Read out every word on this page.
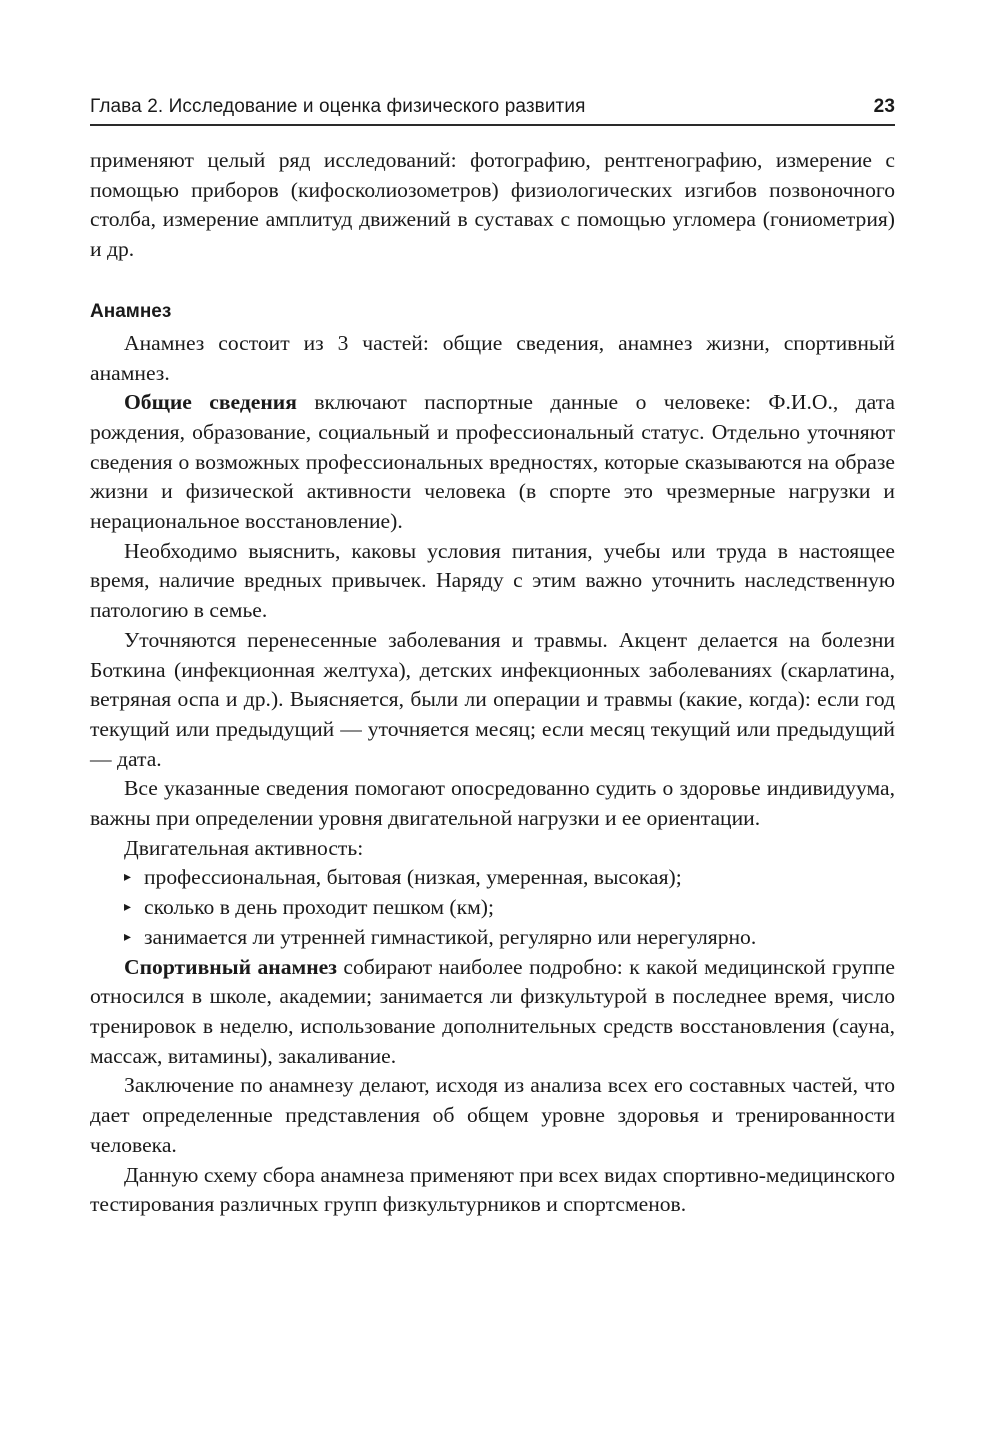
Глава 2. Исследование и оценка физического развития	23

применяют целый ряд исследований: фотографию, рентгенографию, измерение с помощью приборов (кифосколиозометров) физиологических изгибов позвоночного столба, измерение амплитуд движений в суставах с помощью угломера (гониометрия) и др.

Анамнез

Анамнез состоит из 3 частей: общие сведения, анамнез жизни, спортивный анамнез.

Общие сведения включают паспортные данные о человеке: Ф.И.О., дата рождения, образование, социальный и профессиональный статус. Отдельно уточняют сведения о возможных профессиональных вредностях, которые сказываются на образе жизни и физической активности человека (в спорте это чрезмерные нагрузки и нерациональное восстановление).

Необходимо выяснить, каковы условия питания, учебы или труда в настоящее время, наличие вредных привычек. Наряду с этим важно уточнить наследственную патологию в семье.

Уточняются перенесенные заболевания и травмы. Акцент делается на болезни Боткина (инфекционная желтуха), детских инфекционных заболеваниях (скарлатина, ветряная оспа и др.). Выясняется, были ли операции и травмы (какие, когда): если год текущий или предыдущий — уточняется месяц; если месяц текущий или предыдущий — дата.

Все указанные сведения помогают опосредованно судить о здоровье индивидуума, важны при определении уровня двигательной нагрузки и ее ориентации.

Двигательная активность:

▸ профессиональная, бытовая (низкая, умеренная, высокая);
▸ сколько в день проходит пешком (км);
▸ занимается ли утренней гимнастикой, регулярно или нерегулярно.

Спортивный анамнез собирают наиболее подробно: к какой медицинской группе относился в школе, академии; занимается ли физкультурой в последнее время, число тренировок в неделю, использование дополнительных средств восстановления (сауна, массаж, витамины), закаливание.

Заключение по анамнезу делают, исходя из анализа всех его составных частей, что дает определенные представления об общем уровне здоровья и тренированности человека.

Данную схему сбора анамнеза применяют при всех видах спортивно-медицинского тестирования различных групп физкультурников и спортсменов.
